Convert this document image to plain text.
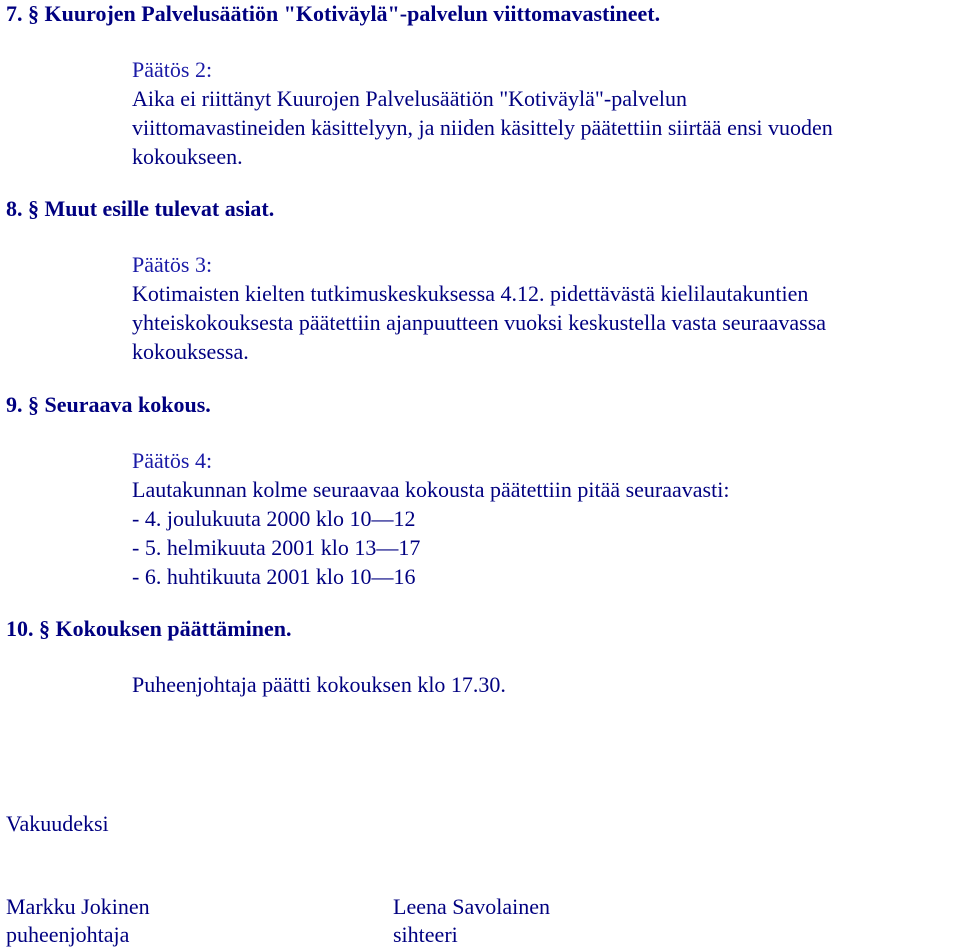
7. § Kuurojen Palvelusäätiön "Kotiväylä"-palvelun viittomavastineet.
Päätös 2:
Aika ei riittänyt Kuurojen Palvelusäätiön "Kotiväylä"-palvelun
viittomavastineiden käsittelyyn, ja niiden käsittely päätettiin siirtää ensi vuoden
kokoukseen.
8. § Muut esille tulevat asiat.
Päätös 3:
Kotimaisten kielten tutkimuskeskuksessa 4.12. pidettävästä kielilautakuntien
yhteiskokouksesta päätettiin ajanpuutteen vuoksi keskustella vasta seuraavassa
kokouksessa.
9. § Seuraava kokous.
Päätös 4:
Lautakunnan kolme seuraavaa kokousta päätettiin pitää seuraavasti:
- 4. joulukuuta 2000 klo 10—12
- 5. helmikuuta 2001 klo 13—17
- 6. huhtikuuta 2001 klo 10—16
10. § Kokouksen päättäminen.
Puheenjohtaja päätti kokouksen klo 17.30.
Vakuudeksi
Markku Jokinen
puheenjohtaja
Leena Savolainen
sihteeri
